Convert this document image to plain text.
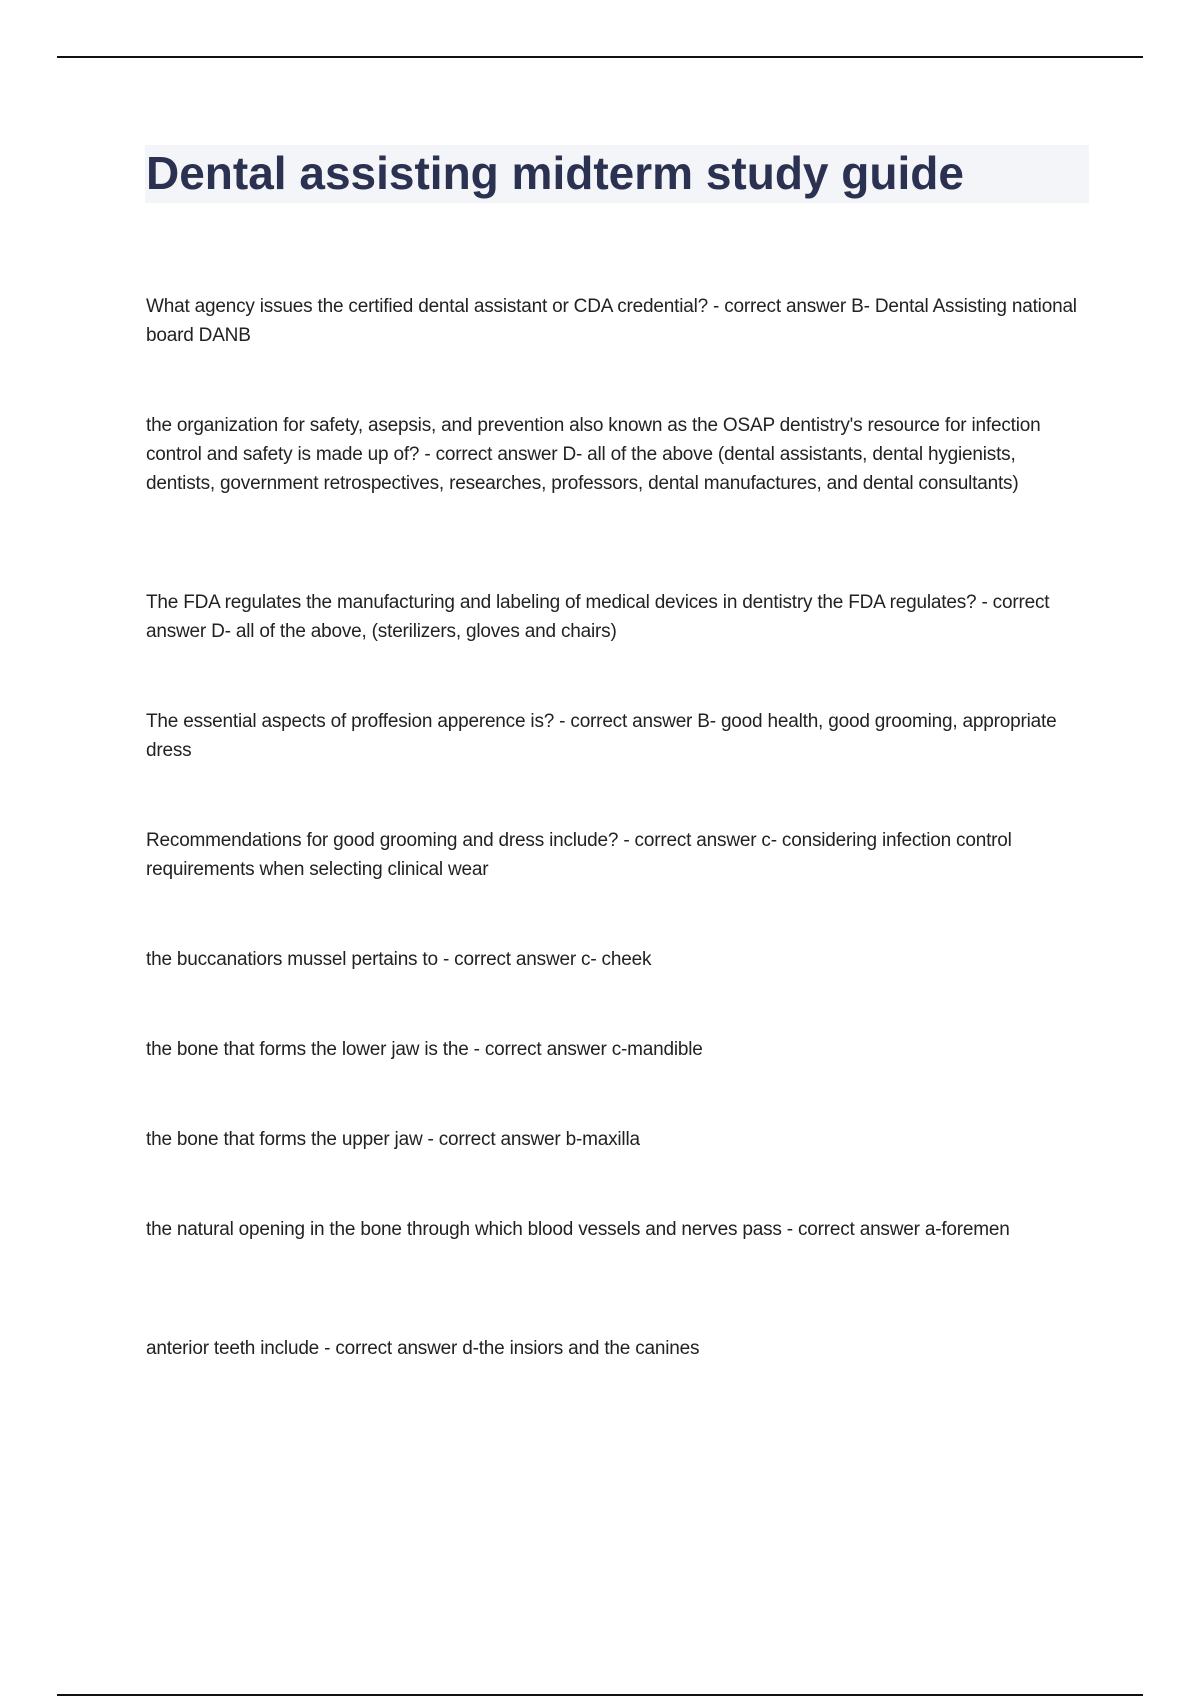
Dental assisting midterm study guide

What agency issues the certified dental assistant or CDA credential? - correct answer B- Dental Assisting national board DANB

the organization for safety, asepsis, and prevention also known as the OSAP dentistry's resource for infection control and safety is made up of? - correct answer D- all of the above (dental assistants, dental hygienists, dentists, government retrospectives, researches, professors, dental manufactures, and dental consultants)

The FDA regulates the manufacturing and labeling of medical devices in dentistry the FDA regulates? - correct answer D- all of the above, (sterilizers, gloves and chairs)

The essential aspects of proffesion apperence is? - correct answer B- good health, good grooming, appropriate dress

Recommendations for good grooming and dress include? - correct answer c- considering infection control requirements when selecting clinical wear

the buccanatiors mussel pertains to - correct answer c- cheek

the bone that forms the lower jaw is the - correct answer c-mandible

the bone that forms the upper jaw - correct answer b-maxilla

the natural opening in the bone through which blood vessels and nerves pass - correct answer a-foremen

anterior teeth include - correct answer d-the insiors and the canines
